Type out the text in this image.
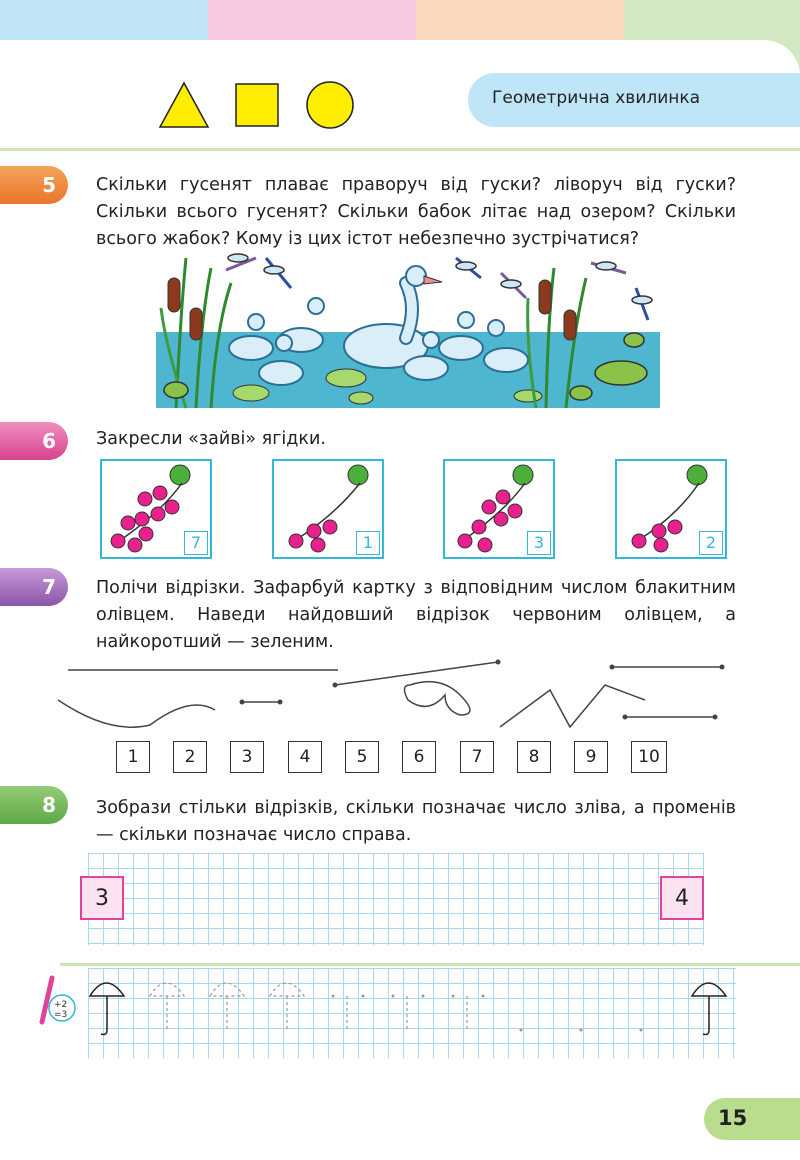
Геометрична хвилинка
5	Скільки гусенят плаває праворуч від гуски? ліворуч від гуски? Скільки всього гусенят? Скільки бабок літає над озером? Скільки всього жабок? Кому із цих істот небезпечно зустрічатися?
6	Закресли «зайві» ягідки.
7	1	3	2
7	Полічи відрізки. Зафарбуй картку з відповідним числом блакитним олівцем. Наведи найдовший відрізок червоним олівцем, а найкоротший — зеленим.
1	2	3	4	5	6	7	8	9	10
8	Зобрази стільки відрізків, скільки позначає число зліва, а променів — скільки позначає число справа.
3	4
+2
=3
15
